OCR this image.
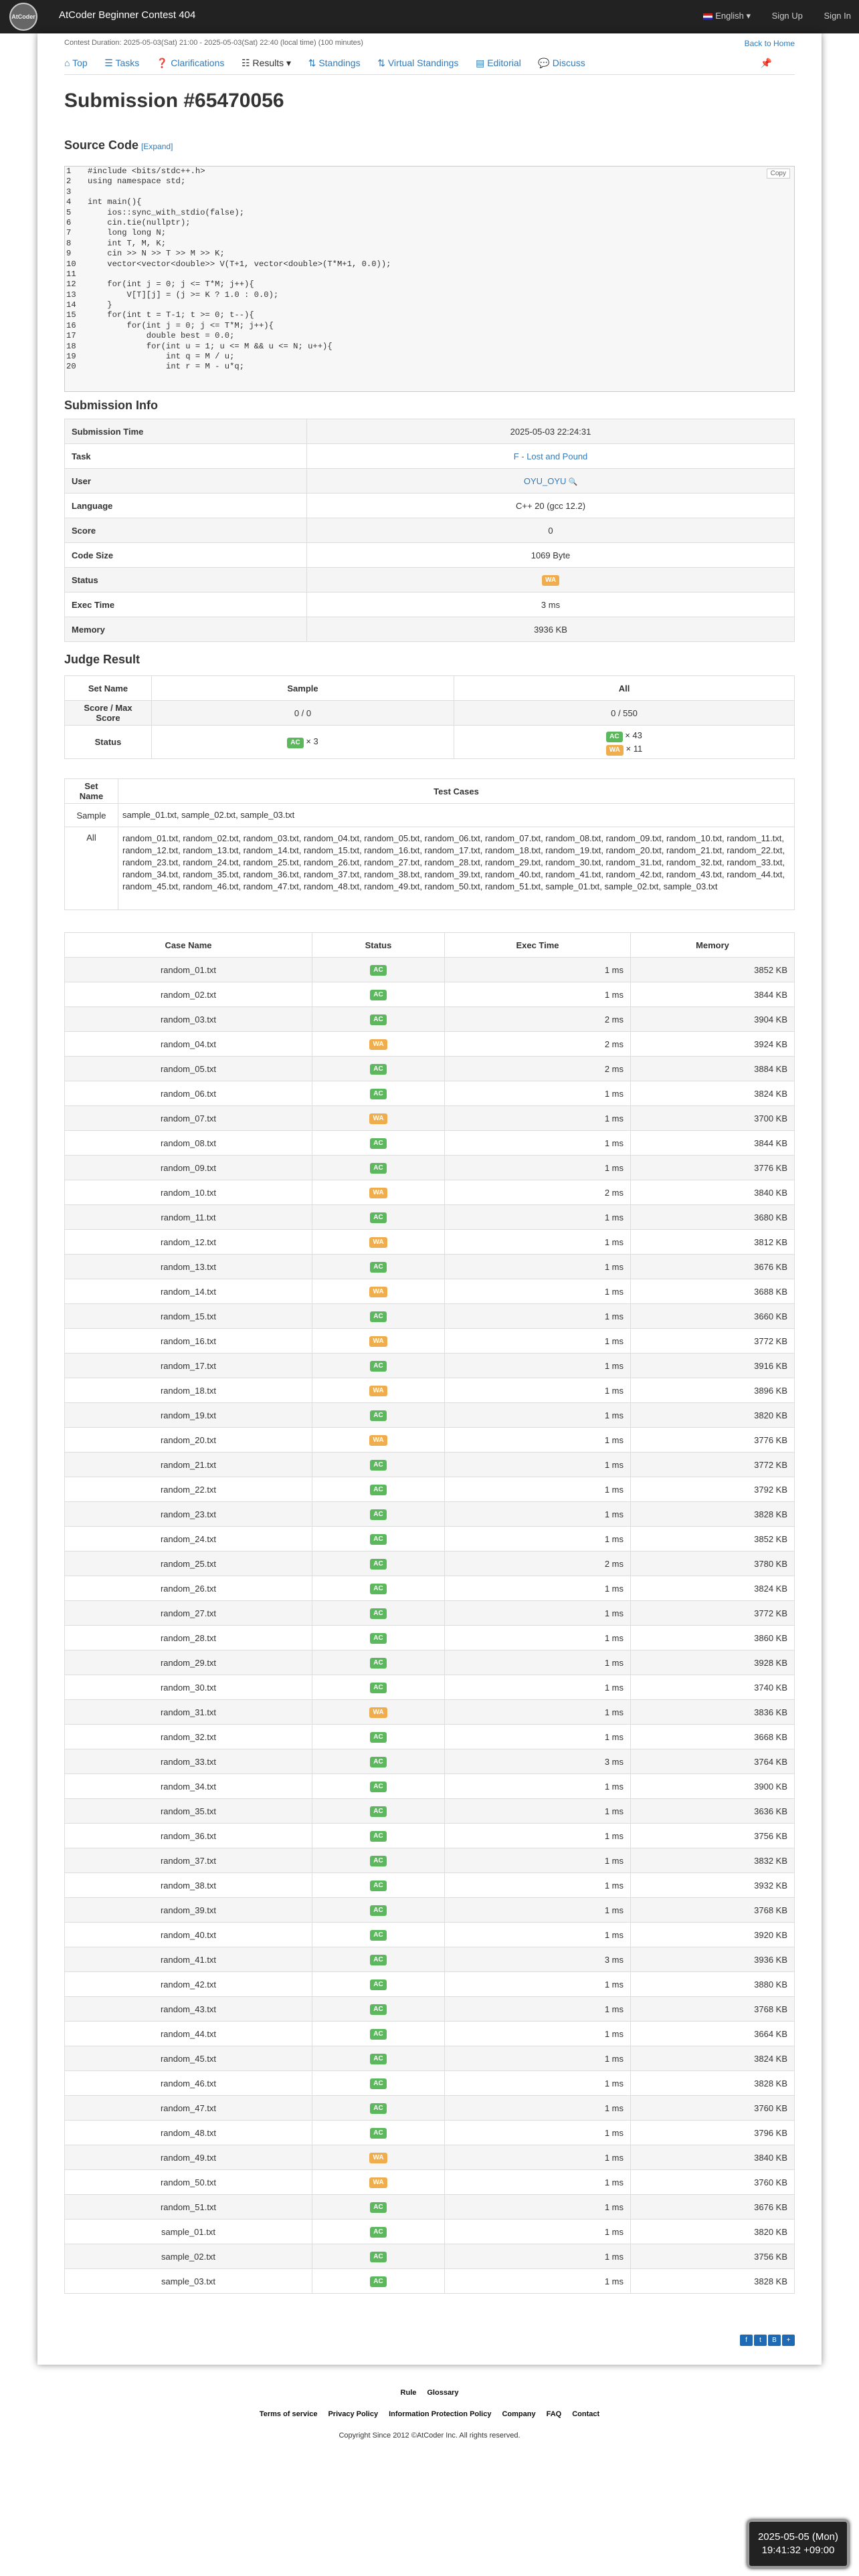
AtCoder AtCoder Beginner Contest 404	English ▾ Sign Up Sign In
Contest Duration: 2025-05-03(Sat) 21:00 - 2025-05-03(Sat) 22:40 (local time) (100 minutes)	Back to Home
⌂ Top ☰ Tasks ❓ Clarifications ☷ Results ▾ ⇅ Standings ⇅ Virtual Standings ▤ Editorial 💬 Discuss	📌
Submission #65470056
Source Code [Expand]
Copy
1 #include <bits/stdc++.h>
2 using namespace std;
3
4 int main(){
5    ios::sync_with_stdio(false);
6    cin.tie(nullptr);
7    long long N;
8    int T, M, K;
9    cin >> N >> T >> M >> K;
10    vector<vector<double>> V(T+1, vector<double>(T*M+1, 0.0));
11
12    for(int j = 0; j <= T*M; j++){
13        V[T][j] = (j >= K ? 1.0 : 0.0);
14    }
15    for(int t = T-1; t >= 0; t--){
16        for(int j = 0; j <= T*M; j++){
17            double best = 0.0;
18            for(int u = 1; u <= M && u <= N; u++){
19                int q = M / u;
20                int r = M - u*q;
Submission Info
Submission Time	2025-05-03 22:24:31
Task	F - Lost and Pound
User	OYU_OYU 🔍
Language	C++ 20 (gcc 12.2)
Score	0
Code Size	1069 Byte
Status	WA
Exec Time	3 ms
Memory	3936 KB
Judge Result
Set Name	Sample	All
Score / Max Score	0 / 0	0 / 550
Status	AC × 3	AC × 43
WA × 11
Set Name	Test Cases
Sample	sample_01.txt, sample_02.txt, sample_03.txt
All	random_01.txt, random_02.txt, random_03.txt, random_04.txt, random_05.txt, random_06.txt, random_07.txt, random_08.txt, random_09.txt, random_10.txt, random_11.txt, random_12.txt, random_13.txt, random_14.txt, random_15.txt, random_16.txt, random_17.txt, random_18.txt, random_19.txt, random_20.txt, random_21.txt, random_22.txt, random_23.txt, random_24.txt, random_25.txt, random_26.txt, random_27.txt, random_28.txt, random_29.txt, random_30.txt, random_31.txt, random_32.txt, random_33.txt, random_34.txt, random_35.txt, random_36.txt, random_37.txt, random_38.txt, random_39.txt, random_40.txt, random_41.txt, random_42.txt, random_43.txt, random_44.txt, random_45.txt, random_46.txt, random_47.txt, random_48.txt, random_49.txt, random_50.txt, random_51.txt, sample_01.txt, sample_02.txt, sample_03.txt
Case Name	Status	Exec Time	Memory
random_01.txt	AC	1 ms	3852 KB
random_02.txt	AC	1 ms	3844 KB
random_03.txt	AC	2 ms	3904 KB
random_04.txt	WA	2 ms	3924 KB
random_05.txt	AC	2 ms	3884 KB
random_06.txt	AC	1 ms	3824 KB
random_07.txt	WA	1 ms	3700 KB
random_08.txt	AC	1 ms	3844 KB
random_09.txt	AC	1 ms	3776 KB
random_10.txt	WA	2 ms	3840 KB
random_11.txt	AC	1 ms	3680 KB
random_12.txt	WA	1 ms	3812 KB
random_13.txt	AC	1 ms	3676 KB
random_14.txt	WA	1 ms	3688 KB
random_15.txt	AC	1 ms	3660 KB
random_16.txt	WA	1 ms	3772 KB
random_17.txt	AC	1 ms	3916 KB
random_18.txt	WA	1 ms	3896 KB
random_19.txt	AC	1 ms	3820 KB
random_20.txt	WA	1 ms	3776 KB
random_21.txt	AC	1 ms	3772 KB
random_22.txt	AC	1 ms	3792 KB
random_23.txt	AC	1 ms	3828 KB
random_24.txt	AC	1 ms	3852 KB
random_25.txt	AC	2 ms	3780 KB
random_26.txt	AC	1 ms	3824 KB
random_27.txt	AC	1 ms	3772 KB
random_28.txt	AC	1 ms	3860 KB
random_29.txt	AC	1 ms	3928 KB
random_30.txt	AC	1 ms	3740 KB
random_31.txt	WA	1 ms	3836 KB
random_32.txt	AC	1 ms	3668 KB
random_33.txt	AC	3 ms	3764 KB
random_34.txt	AC	1 ms	3900 KB
random_35.txt	AC	1 ms	3636 KB
random_36.txt	AC	1 ms	3756 KB
random_37.txt	AC	1 ms	3832 KB
random_38.txt	AC	1 ms	3932 KB
random_39.txt	AC	1 ms	3768 KB
random_40.txt	AC	1 ms	3920 KB
random_41.txt	AC	3 ms	3936 KB
random_42.txt	AC	1 ms	3880 KB
random_43.txt	AC	1 ms	3768 KB
random_44.txt	AC	1 ms	3664 KB
random_45.txt	AC	1 ms	3824 KB
random_46.txt	AC	1 ms	3828 KB
random_47.txt	AC	1 ms	3760 KB
random_48.txt	AC	1 ms	3796 KB
random_49.txt	WA	1 ms	3840 KB
random_50.txt	WA	1 ms	3760 KB
random_51.txt	AC	1 ms	3676 KB
sample_01.txt	AC	1 ms	3820 KB
sample_02.txt	AC	1 ms	3756 KB
sample_03.txt	AC	1 ms	3828 KB
f	t	B	+
Rule Glossary
Terms of service Privacy Policy Information Protection Policy Company FAQ Contact
Copyright Since 2012 ©AtCoder Inc. All rights reserved.
2025-05-05 (Mon)
19:41:32 +09:00
